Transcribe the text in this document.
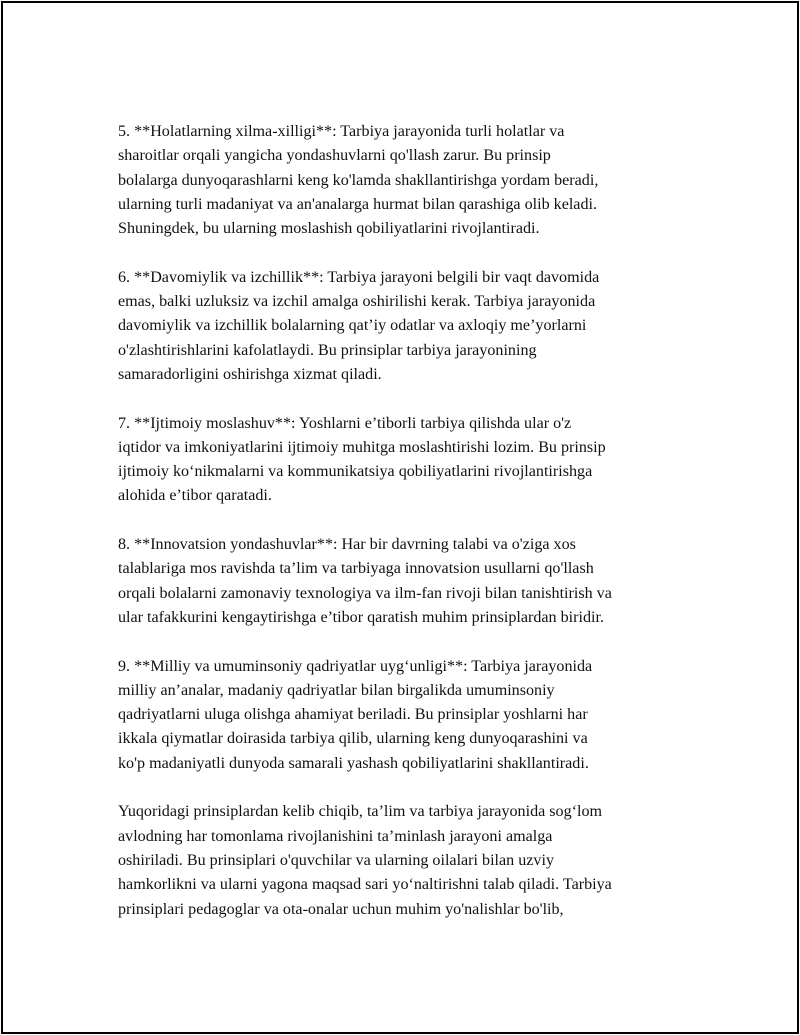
5. **Holatlarning xilma-xilligi**: Tarbiya jarayonida turli holatlar va
sharoitlar orqali yangicha yondashuvlarni qo'llash zarur. Bu prinsip
bolalarga dunyoqarashlarni keng ko'lamda shakllantirishga yordam beradi,
ularning turli madaniyat va an'analarga hurmat bilan qarashiga olib keladi.
Shuningdek, bu ularning moslashish qobiliyatlarini rivojlantiradi.

6. **Davomiylik va izchillik**: Tarbiya jarayoni belgili bir vaqt davomida
emas, balki uzluksiz va izchil amalga oshirilishi kerak. Tarbiya jarayonida
davomiylik va izchillik bolalarning qat’iy odatlar va axloqiy me’yorlarni
o'zlashtirishlarini kafolatlaydi. Bu prinsiplar tarbiya jarayonining
samaradorligini oshirishga xizmat qiladi.

7. **Ijtimoiy moslashuv**: Yoshlarni e’tiborli tarbiya qilishda ular o'z
iqtidor va imkoniyatlarini ijtimoiy muhitga moslashtirishi lozim. Bu prinsip
ijtimoiy ko‘nikmalarni va kommunikatsiya qobiliyatlarini rivojlantirishga
alohida e’tibor qaratadi.

8. **Innovatsion yondashuvlar**: Har bir davrning talabi va o'ziga xos
talablariga mos ravishda ta’lim va tarbiyaga innovatsion usullarni qo'llash
orqali bolalarni zamonaviy texnologiya va ilm-fan rivoji bilan tanishtirish va
ular tafakkurini kengaytirishga e’tibor qaratish muhim prinsiplardan biridir.

9. **Milliy va umuminsoniy qadriyatlar uyg‘unligi**: Tarbiya jarayonida
milliy an’analar, madaniy qadriyatlar bilan birgalikda umuminsoniy
qadriyatlarni uluga olishga ahamiyat beriladi. Bu prinsiplar yoshlarni har
ikkala qiymatlar doirasida tarbiya qilib, ularning keng dunyoqarashini va
ko'p madaniyatli dunyoda samarali yashash qobiliyatlarini shakllantiradi.

Yuqoridagi prinsiplardan kelib chiqib, ta’lim va tarbiya jarayonida sog‘lom
avlodning har tomonlama rivojlanishini ta’minlash jarayoni amalga
oshiriladi. Bu prinsiplari o'quvchilar va ularning oilalari bilan uzviy
hamkorlikni va ularni yagona maqsad sari yo‘naltirishni talab qiladi. Tarbiya
prinsiplari pedagoglar va ota-onalar uchun muhim yo'nalishlar bo'lib,
